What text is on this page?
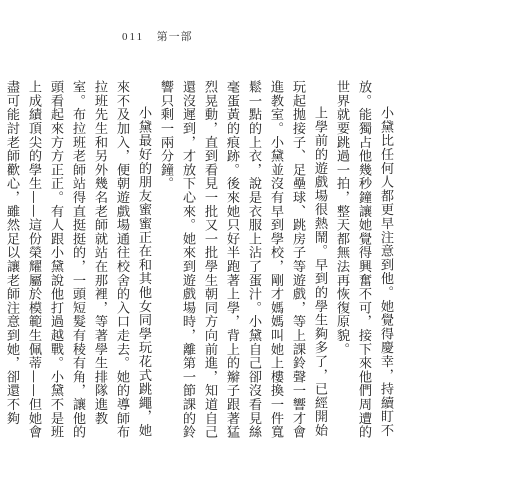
011 第一部

小黛比任何人都更早注意到他。她覺得慶幸，持續盯不放。能獨占他幾秒鐘讓她覺得興奮不可，接下來他們周遭的世界就要跳過一拍，整天都無法再恢復原貌。

上學前的遊戲場很熱鬧。早到的學生夠多了，已經開始玩起拋接子、足壘球、跳房子等遊戲，等上課鈴聲一響才會進教室。小黛並沒有早到學校，剛才媽媽叫她上樓換一件寬鬆一點的上衣，說是衣服上沾了蛋汁。小黛自己卻沒看見絲毫蛋黃的痕跡。後來她只好半跑著上學，背上的辮子跟著猛烈晃動，直到看見一批又一批學生朝同方向前進，知道自己還沒遲到，才放下心來。她來到遊戲場時，離第一節課的鈴響只剩一兩分鐘。

小黛最好的朋友蜜蜜正在和其他女同學玩花式跳繩，她來不及加入，便朝遊戲場通往校舍的入口走去。她的導師布拉班先生和另外幾名老師就站在那裡，等著學生排隊進教室。布拉班老師站得直挺挺的，一頭短髮有稜有角，讓他的頭看起來方方正正。有人跟小黛說他打過越戰。小黛不是班上成績頂尖的學生——這份榮耀屬於模範生佩蒂——但她會盡可能討老師歡心，雖然足以讓老師注意到她，卻還不夠
